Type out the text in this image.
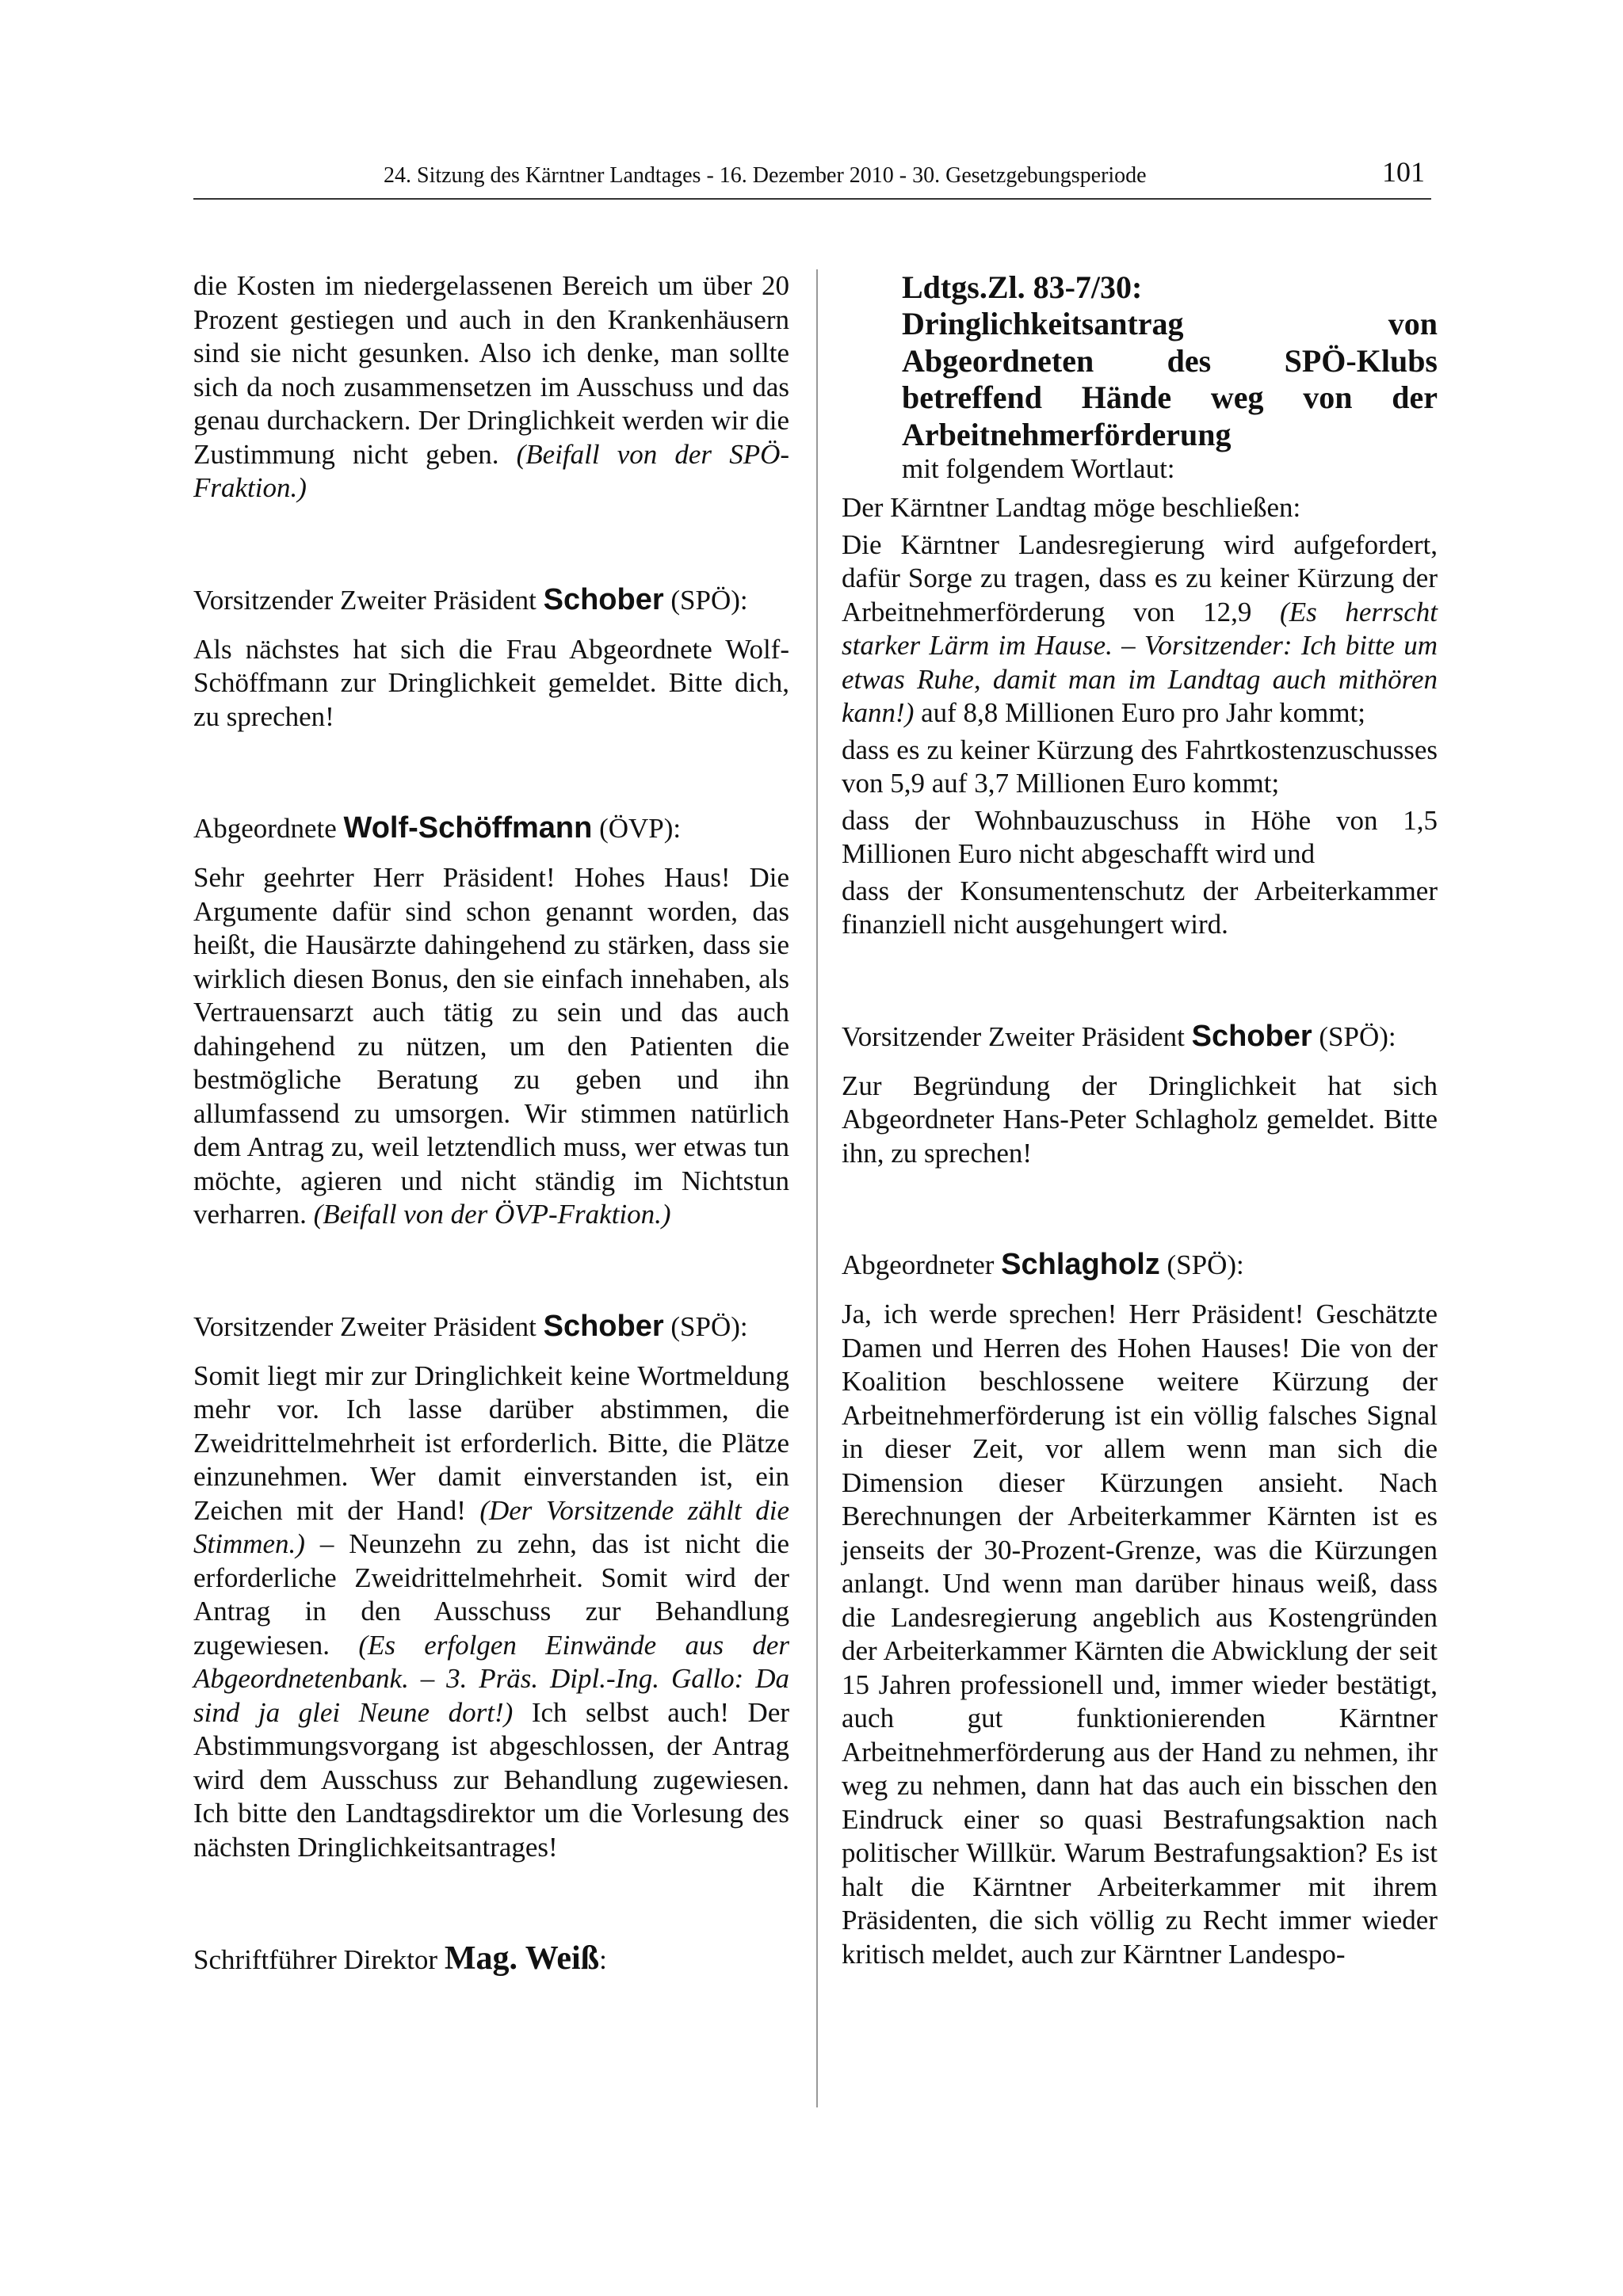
24. Sitzung des Kärntner Landtages - 16. Dezember 2010 - 30. Gesetzgebungsperiode	101

die Kosten im niedergelassenen Bereich um über 20 Prozent gestiegen und auch in den Krankenhäusern sind sie nicht gesunken. Also ich denke, man sollte sich da noch zusammensetzen im Ausschuss und das genau durchackern. Der Dringlichkeit werden wir die Zustimmung nicht geben. (Beifall von der SPÖ-Fraktion.)

Vorsitzender Zweiter Präsident Schober (SPÖ):

Als nächstes hat sich die Frau Abgeordnete Wolf-Schöffmann zur Dringlichkeit gemeldet. Bitte dich, zu sprechen!

Abgeordnete Wolf-Schöffmann (ÖVP):

Sehr geehrter Herr Präsident! Hohes Haus! Die Argumente dafür sind schon genannt worden, das heißt, die Hausärzte dahingehend zu stärken, dass sie wirklich diesen Bonus, den sie einfach innehaben, als Vertrauensarzt auch tätig zu sein und das auch dahingehend zu nützen, um den Patienten die bestmögliche Beratung zu geben und ihn allumfassend zu umsorgen. Wir stimmen natürlich dem Antrag zu, weil letztendlich muss, wer etwas tun möchte, agieren und nicht ständig im Nichtstun verharren. (Beifall von der ÖVP-Fraktion.)

Vorsitzender Zweiter Präsident Schober (SPÖ):

Somit liegt mir zur Dringlichkeit keine Wortmeldung mehr vor. Ich lasse darüber abstimmen, die Zweidrittelmehrheit ist erforderlich. Bitte, die Plätze einzunehmen. Wer damit einverstanden ist, ein Zeichen mit der Hand! (Der Vorsitzende zählt die Stimmen.) – Neunzehn zu zehn, das ist nicht die erforderliche Zweidrittelmehrheit. Somit wird der Antrag in den Ausschuss zur Behandlung zugewiesen. (Es erfolgen Einwände aus der Abgeordnetenbank. – 3. Präs. Dipl.-Ing. Gallo: Da sind ja glei Neune dort!) Ich selbst auch! Der Abstimmungsvorgang ist abgeschlossen, der Antrag wird dem Ausschuss zur Behandlung zugewiesen. Ich bitte den Landtagsdirektor um die Vorlesung des nächsten Dringlichkeitsantrages!

Schriftführer Direktor Mag. Weiß:

Ldtgs.Zl. 83-7/30:
Dringlichkeitsantrag von Abgeordneten des SPÖ-Klubs betreffend Hände weg von der Arbeitnehmerförderung
mit folgendem Wortlaut:

Der Kärntner Landtag möge beschließen:

Die Kärntner Landesregierung wird aufgefordert, dafür Sorge zu tragen, dass es zu keiner Kürzung der Arbeitnehmerförderung von 12,9 (Es herrscht starker Lärm im Hause. – Vorsitzender: Ich bitte um etwas Ruhe, damit man im Landtag auch mithören kann!) auf 8,8 Millionen Euro pro Jahr kommt;

dass es zu keiner Kürzung des Fahrtkostenzuschusses von 5,9 auf 3,7 Millionen Euro kommt;

dass der Wohnbauzuschuss in Höhe von 1,5 Millionen Euro nicht abgeschafft wird und

dass der Konsumentenschutz der Arbeiterkammer finanziell nicht ausgehungert wird.

Vorsitzender Zweiter Präsident Schober (SPÖ):

Zur Begründung der Dringlichkeit hat sich Abgeordneter Hans-Peter Schlagholz gemeldet. Bitte ihn, zu sprechen!

Abgeordneter Schlagholz (SPÖ):

Ja, ich werde sprechen! Herr Präsident! Geschätzte Damen und Herren des Hohen Hauses! Die von der Koalition beschlossene weitere Kürzung der Arbeitnehmerförderung ist ein völlig falsches Signal in dieser Zeit, vor allem wenn man sich die Dimension dieser Kürzungen ansieht. Nach Berechnungen der Arbeiterkammer Kärnten ist es jenseits der 30-Prozent-Grenze, was die Kürzungen anlangt. Und wenn man darüber hinaus weiß, dass die Landesregierung angeblich aus Kostengründen der Arbeiterkammer Kärnten die Abwicklung der seit 15 Jahren professionell und, immer wieder bestätigt, auch gut funktionierenden Kärntner Arbeitnehmerförderung aus der Hand zu nehmen, ihr weg zu nehmen, dann hat das auch ein bisschen den Eindruck einer so quasi Bestrafungsaktion nach politischer Willkür. Warum Bestrafungsaktion? Es ist halt die Kärntner Arbeiterkammer mit ihrem Präsidenten, die sich völlig zu Recht immer wieder kritisch meldet, auch zur Kärntner Landespo-
